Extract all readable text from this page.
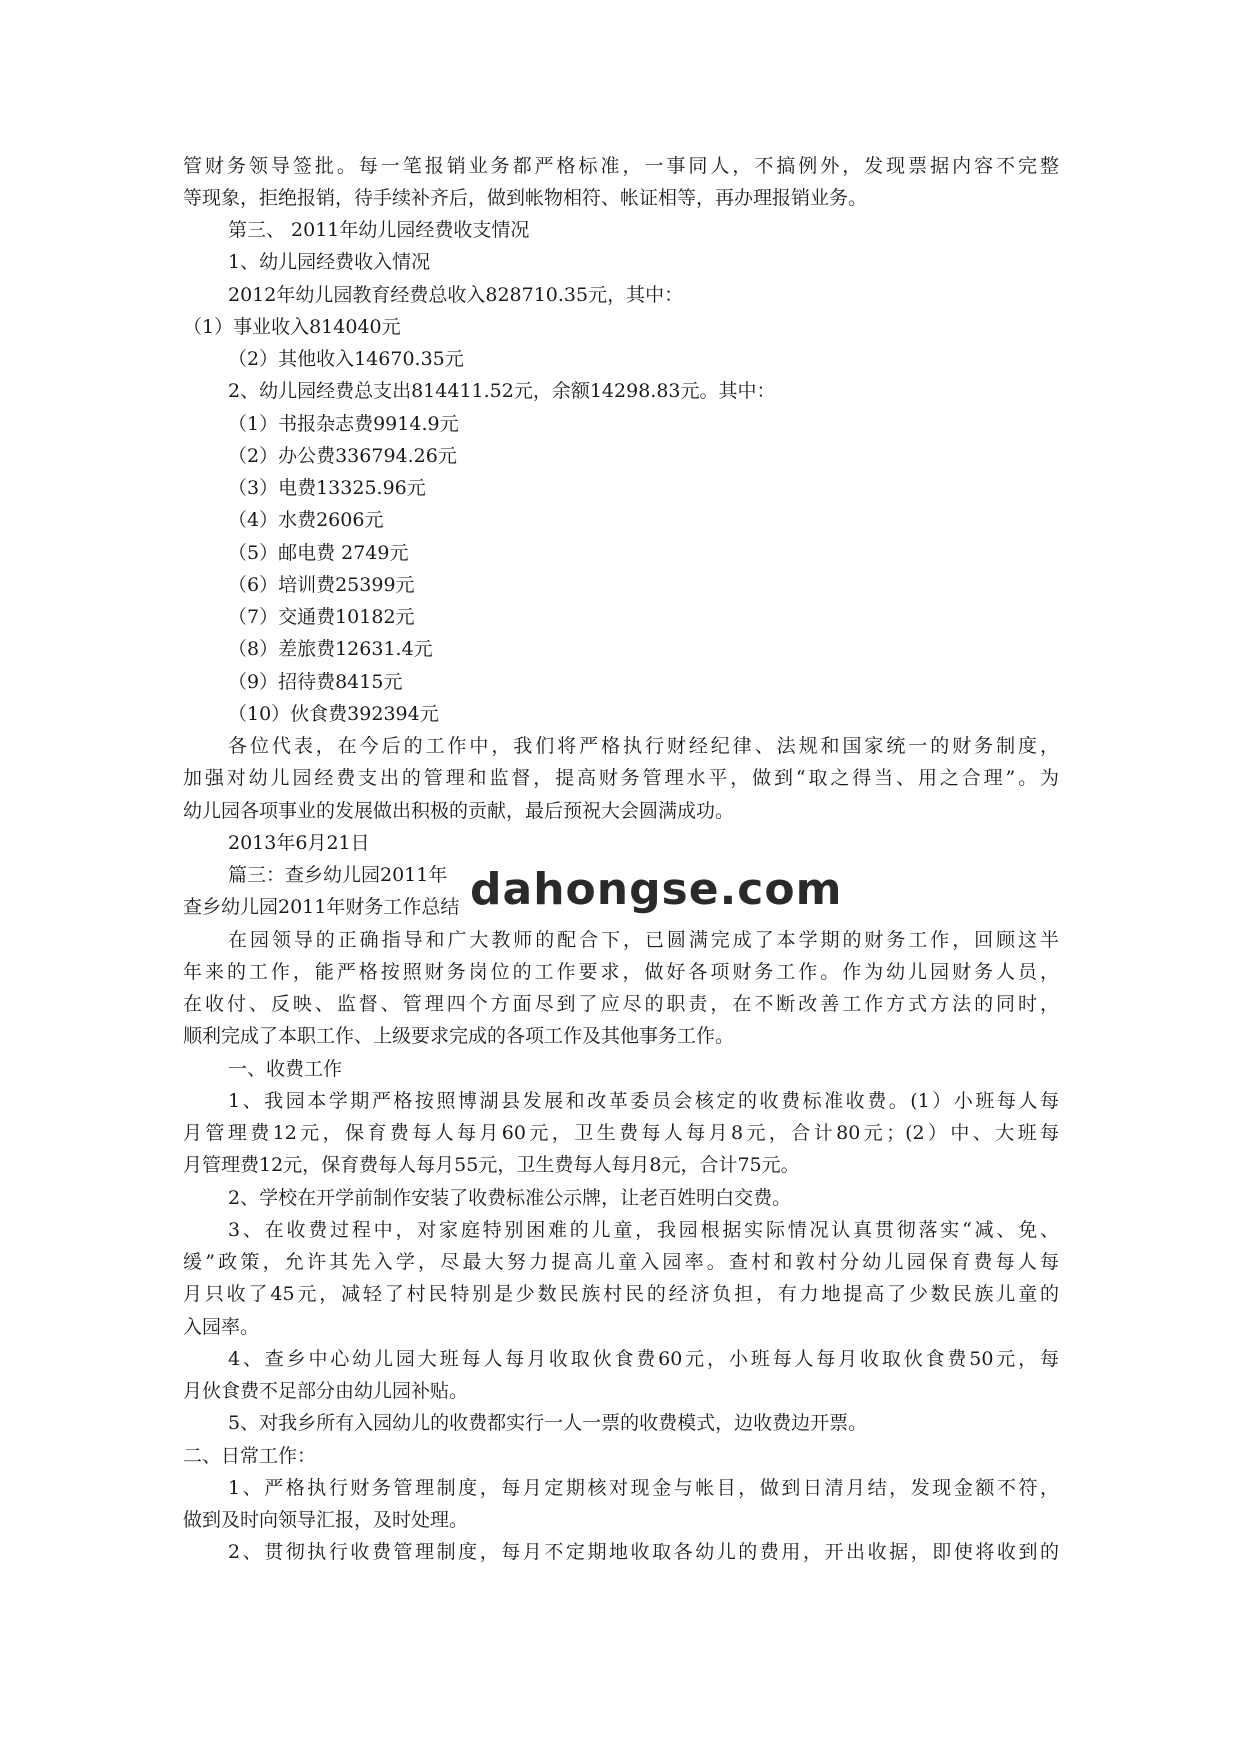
管财务领导签批。每一笔报销业务都严格标准，一事同人，不搞例外，发现票据内容不完整
等现象，拒绝报销，待手续补齐后，做到帐物相符、帐证相等，再办理报销业务。
第三、 2011年幼儿园经费收支情况
1、幼儿园经费收入情况
2012年幼儿园教育经费总收入828710.35元，其中：
（1）事业收入814040元
（2）其他收入14670.35元
2、幼儿园经费总支出814411.52元，余额14298.83元。其中：
（1）书报杂志费9914.9元
（2）办公费336794.26元
（3）电费13325.96元
（4）水费2606元
（5）邮电费 2749元
（6）培训费25399元
（7）交通费10182元
（8）差旅费12631.4元
（9）招待费8415元
（10）伙食费392394元
各位代表，在今后的工作中，我们将严格执行财经纪律、法规和国家统一的财务制度，
加强对幼儿园经费支出的管理和监督，提高财务管理水平，做到“取之得当、用之合理”。为
幼儿园各项事业的发展做出积极的贡献，最后预祝大会圆满成功。
2013年6月21日
篇三：查乡幼儿园2011年
查乡幼儿园2011年财务工作总结
在园领导的正确指导和广大教师的配合下，已圆满完成了本学期的财务工作，回顾这半
年来的工作，能严格按照财务岗位的工作要求，做好各项财务工作。作为幼儿园财务人员，
在收付、反映、监督、管理四个方面尽到了应尽的职责，在不断改善工作方式方法的同时，
顺利完成了本职工作、上级要求完成的各项工作及其他事务工作。
一、收费工作
1、我园本学期严格按照博湖县发展和改革委员会核定的收费标准收费。(1）小班每人每
月管理费12元，保育费每人每月60元，卫生费每人每月8元，合计80元；(2）中、大班每
月管理费12元，保育费每人每月55元，卫生费每人每月8元，合计75元。
2、学校在开学前制作安装了收费标准公示牌，让老百姓明白交费。
3、在收费过程中，对家庭特别困难的儿童，我园根据实际情况认真贯彻落实“减、免、
缓”政策，允许其先入学，尽最大努力提高儿童入园率。查村和敦村分幼儿园保育费每人每
月只收了45元，减轻了村民特别是少数民族村民的经济负担，有力地提高了少数民族儿童的
入园率。
4、查乡中心幼儿园大班每人每月收取伙食费60元，小班每人每月收取伙食费50元，每
月伙食费不足部分由幼儿园补贴。
5、对我乡所有入园幼儿的收费都实行一人一票的收费模式，边收费边开票。
二、日常工作：
1、严格执行财务管理制度，每月定期核对现金与帐目，做到日清月结，发现金额不符，
做到及时向领导汇报，及时处理。
2、贯彻执行收费管理制度，每月不定期地收取各幼儿的费用，开出收据，即使将收到的
dahongse.com
